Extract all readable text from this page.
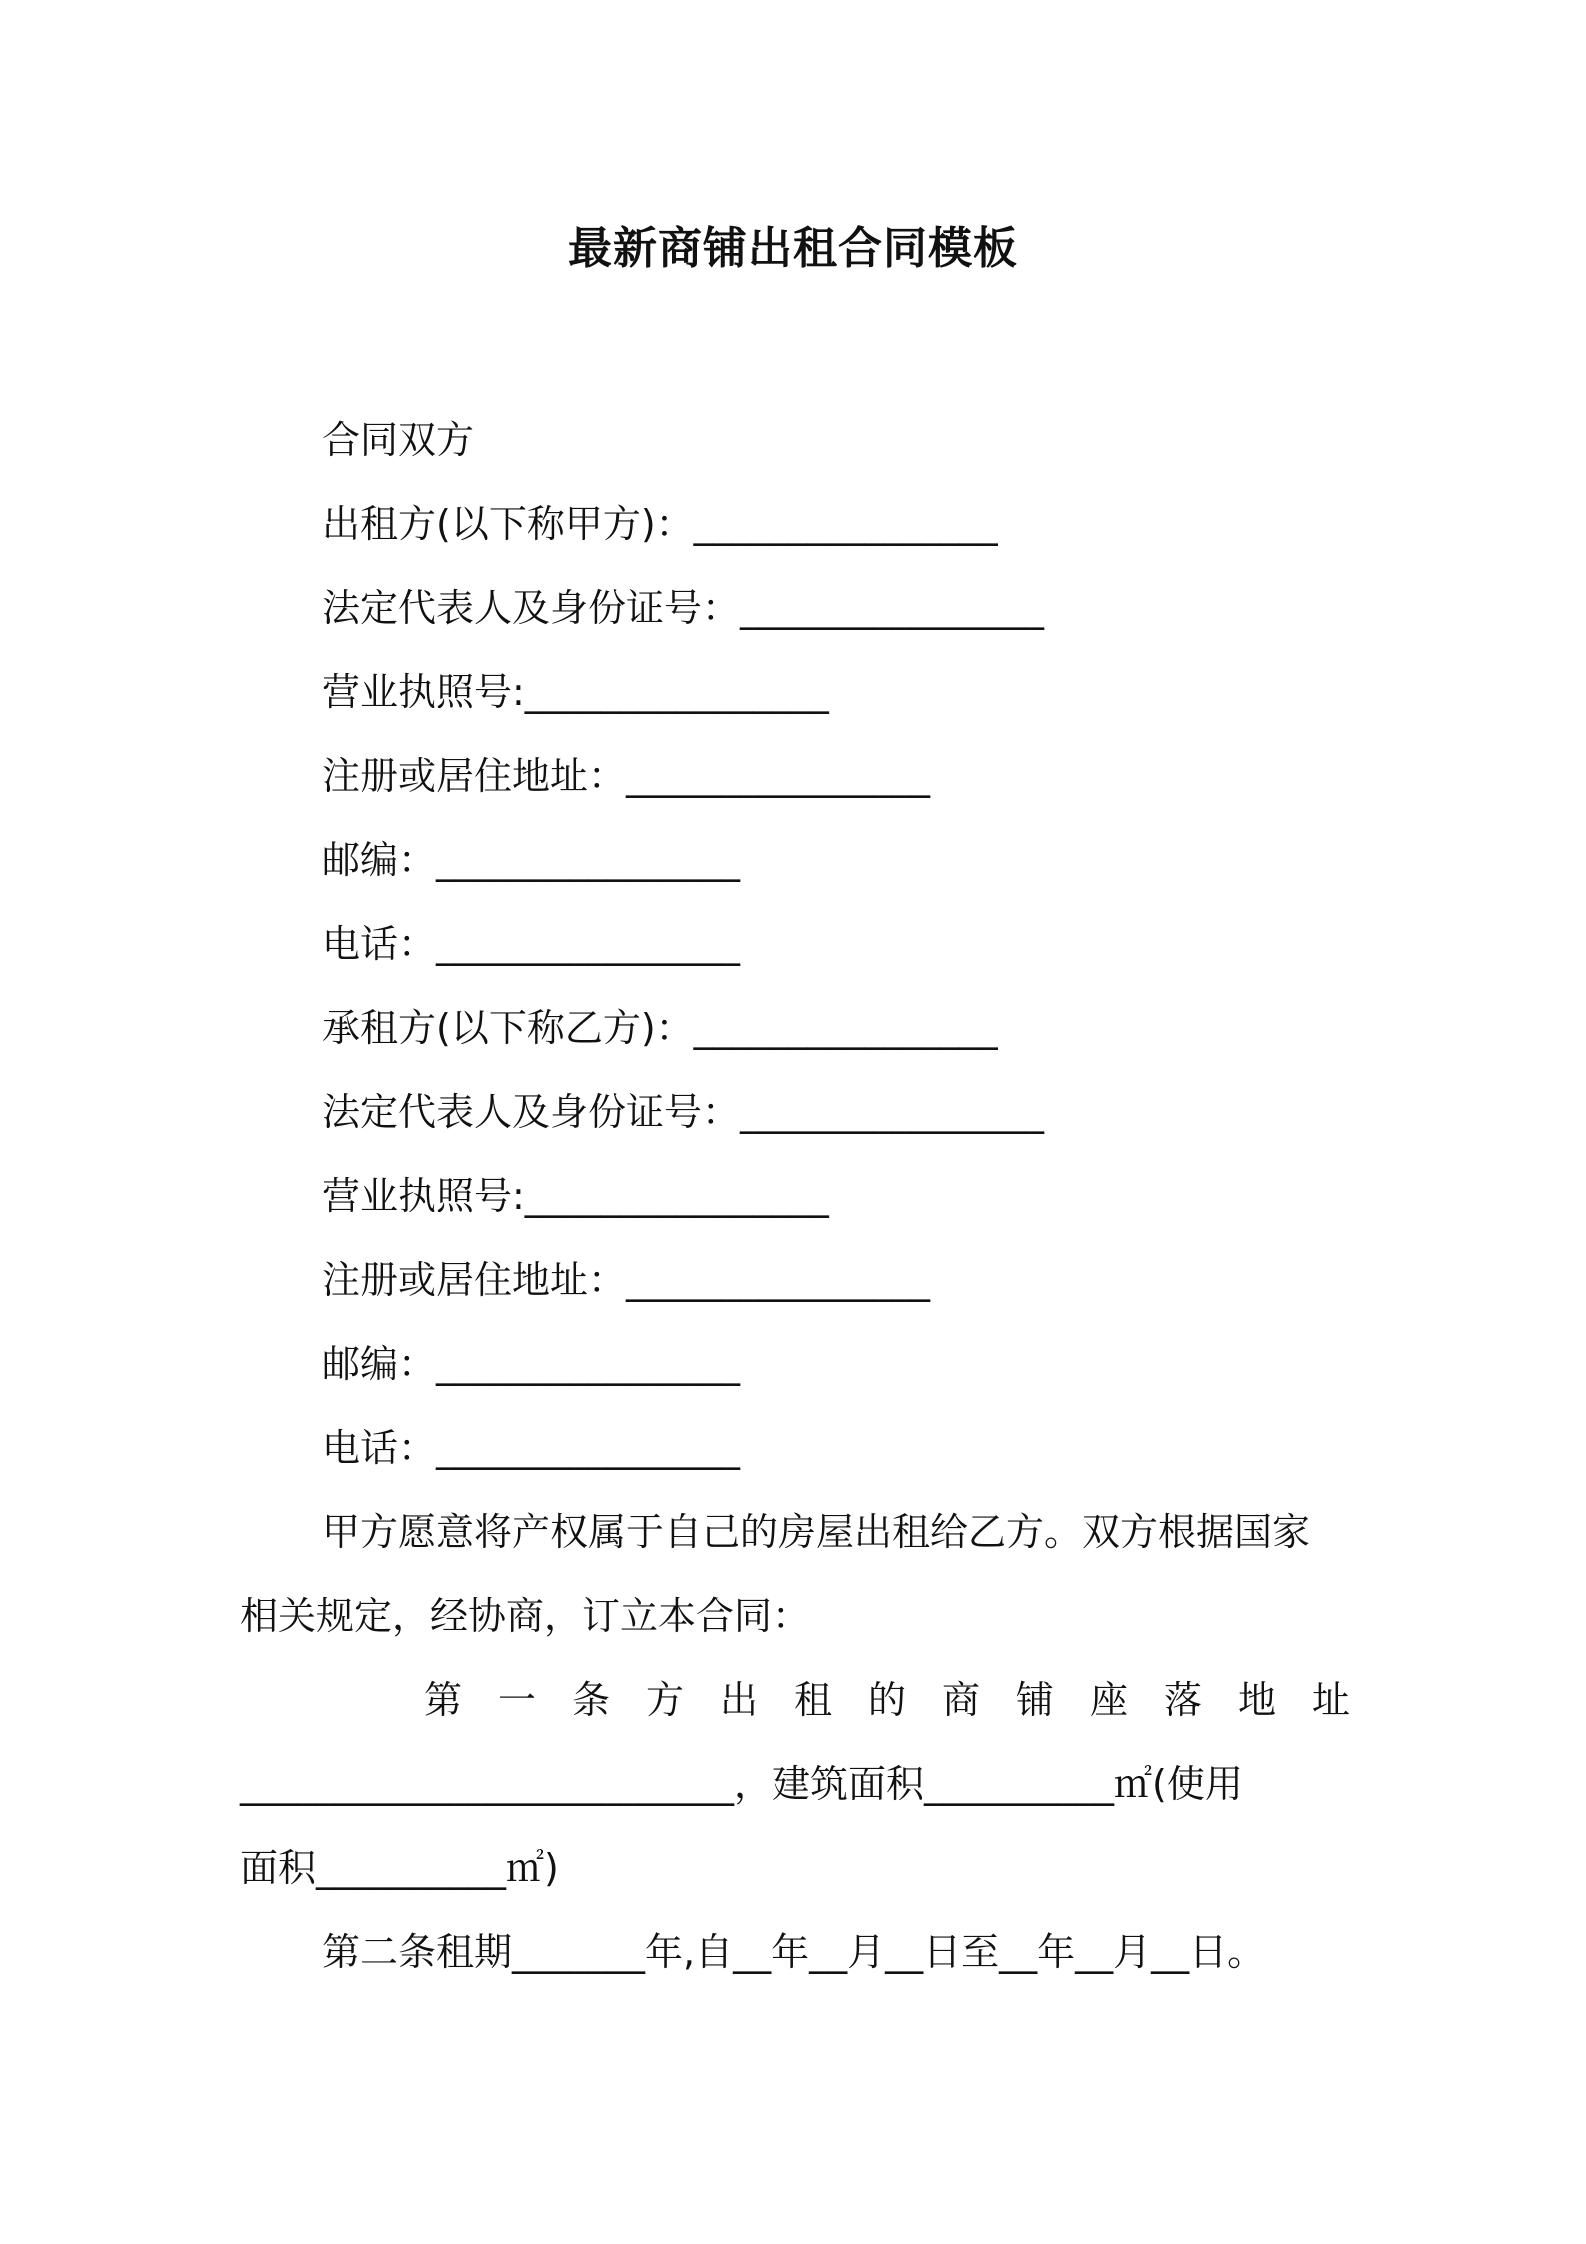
最新商铺出租合同模板
合同双方
出租方(以下称甲方)：________________
法定代表人及身份证号：________________
营业执照号:________________
注册或居住地址：________________
邮编：________________
电话：________________
承租方(以下称乙方)：________________
法定代表人及身份证号：________________
营业执照号:________________
注册或居住地址：________________
邮编：________________
电话：________________
甲方愿意将产权属于自己的房屋出租给乙方。双方根据国家
相关规定，经协商，订立本合同：
第 一 条 方 出 租 的 商 铺 座 落 地 址
__________________________，建筑面积__________㎡(使用
面积__________㎡)
第二条租期_______年,自__年__月__日至__年__月__日。
